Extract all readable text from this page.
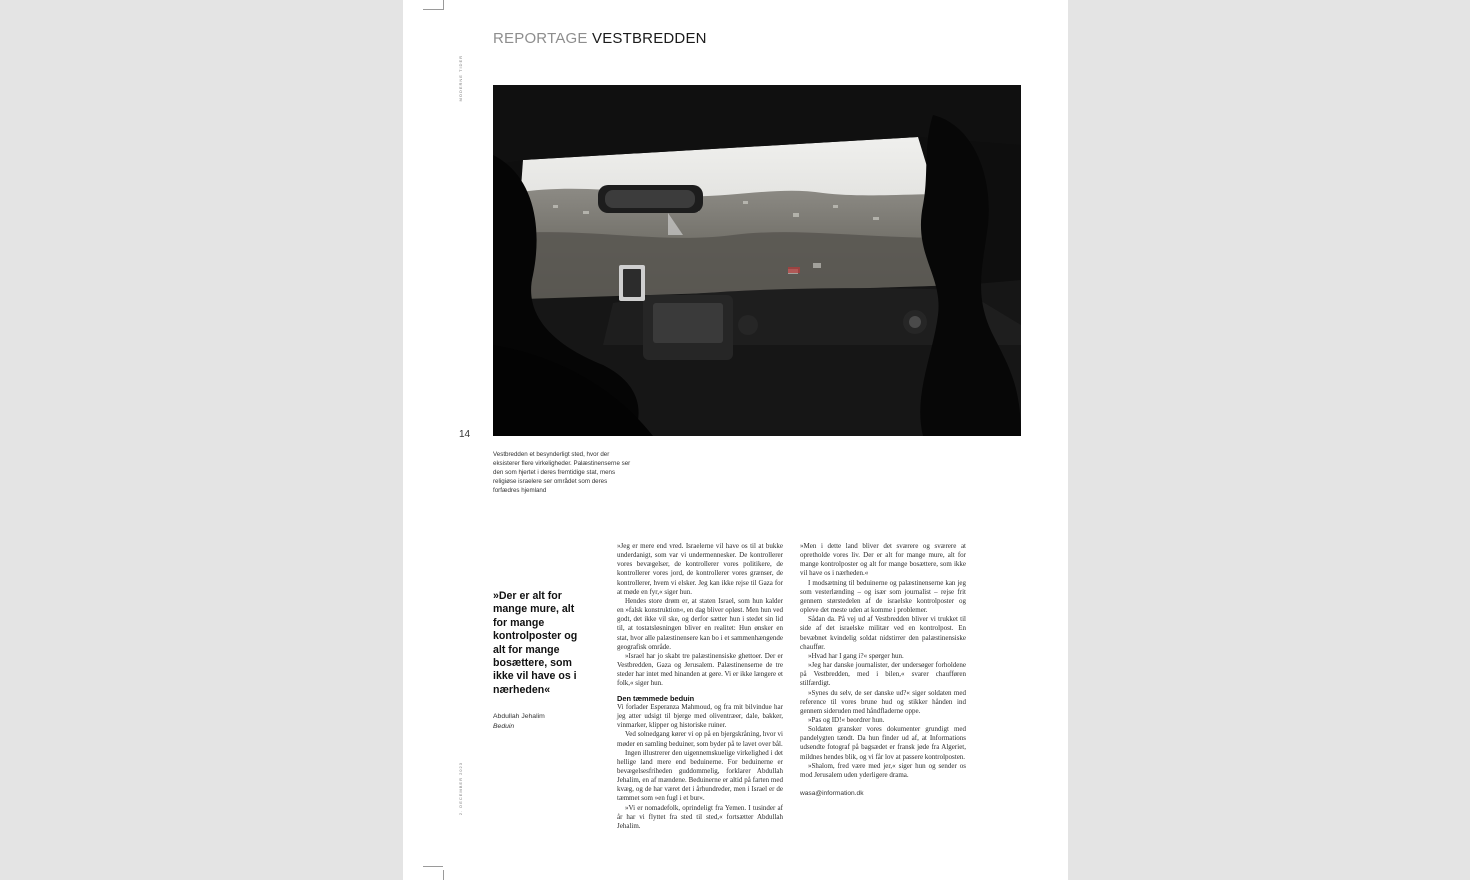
REPORTAGE VESTBREDDEN
MODERNE TIDER
2. DECEMBER 2023
14
Vestbredden et besynderligt sted, hvor der eksisterer flere virkeligheder. Palæstinenserne ser den som hjertet i deres fremtidige stat, mens religiøse israelere ser området som deres forfædres hjemland
»Der er alt for mange mure, alt for mange kontrolposter og alt for mange bosættere, som ikke vil have os i nærheden«
Abdullah Jehalim
Beduin

»Jeg er mere end vred. Israelerne vil have os til at bukke underdanigt, som var vi undermennesker. De kontrollerer vores bevægelser, de kontrollerer vores politikere, de kontrollerer vores jord, de kontrollerer vores grænser, de kontrollerer, hvem vi elsker. Jeg kan ikke rejse til Gaza for at møde en fyr,« siger hun.

Hendes store drøm er, at staten Israel, som hun kalder en »falsk konstruktion«, en dag bliver opløst. Men hun ved godt, det ikke vil ske, og derfor sætter hun i stedet sin lid til, at tostatsløsningen bliver en realitet: Hun ønsker en stat, hvor alle palæstinensere kan bo i et sammenhængende geografisk område.

»Israel har jo skabt tre palæstinensiske ghettoer. Der er Vestbredden, Gaza og Jerusalem. Palæstinenserne de tre steder har intet med hinanden at gøre. Vi er ikke længere et folk,« siger hun.

Den tæmmede beduin

Vi forlader Esperanza Mahmoud, og fra mit bilvindue har jeg atter udsigt til bjerge med oliventræer, dale, bakker, vinmarker, klipper og historiske ruiner.

Ved solnedgang kører vi op på en bjergskråning, hvor vi møder en samling beduiner, som byder på te lavet over bål.

Ingen illustrerer den uigennemskuelige virkelighed i det hellige land mere end beduinerne. For beduinerne er bevægelsesfriheden guddommelig, forklarer Abdullah Jehalim, en af mændene. Beduinerne er altid på farten med kvæg, og de har været det i århundreder, men i Israel er de tæmmet som »en fugl i et bur«.

»Vi er nomadefolk, oprindeligt fra Yemen. I tusinder af år har vi flyttet fra sted til sted,« fortsætter Abdullah Jehalim.

»Men i dette land bliver det sværere og sværere at opretholde vores liv. Der er alt for mange mure, alt for mange kontrolposter og alt for mange bosættere, som ikke vil have os i nærheden.«

I modsætning til beduinerne og palæstinenserne kan jeg som vesterlænding – og især som journalist – rejse frit gennem størstedelen af de israelske kontrolposter og opleve det meste uden at komme i problemer.

Sådan da. På vej ud af Vestbredden bliver vi trukket til side af det israelske militær ved en kontrolpost. En bevæbnet kvindelig soldat nidstirrer den palæstinensiske chauffør.

»Hvad har I gang i?« spørger hun.

»Jeg har danske journalister, der undersøger forholdene på Vestbredden, med i bilen,« svarer chaufføren stilfærdigt.

»Synes du selv, de ser danske ud?« siger soldaten med reference til vores brune hud og stikker hånden ind gennem sideruden med håndfladerne oppe.

»Pas og ID!« beordrer hun.

Soldaten gransker vores dokumenter grundigt med pandelygten tændt. Da hun finder ud af, at Informations udsendte fotograf på bagsædet er fransk jøde fra Algeriet, mildnes hendes blik, og vi får lov at passere kontrolposten.

»Shalom, fred være med jer,« siger hun og sender os mod Jerusalem uden yderligere drama.

wasa@information.dk
